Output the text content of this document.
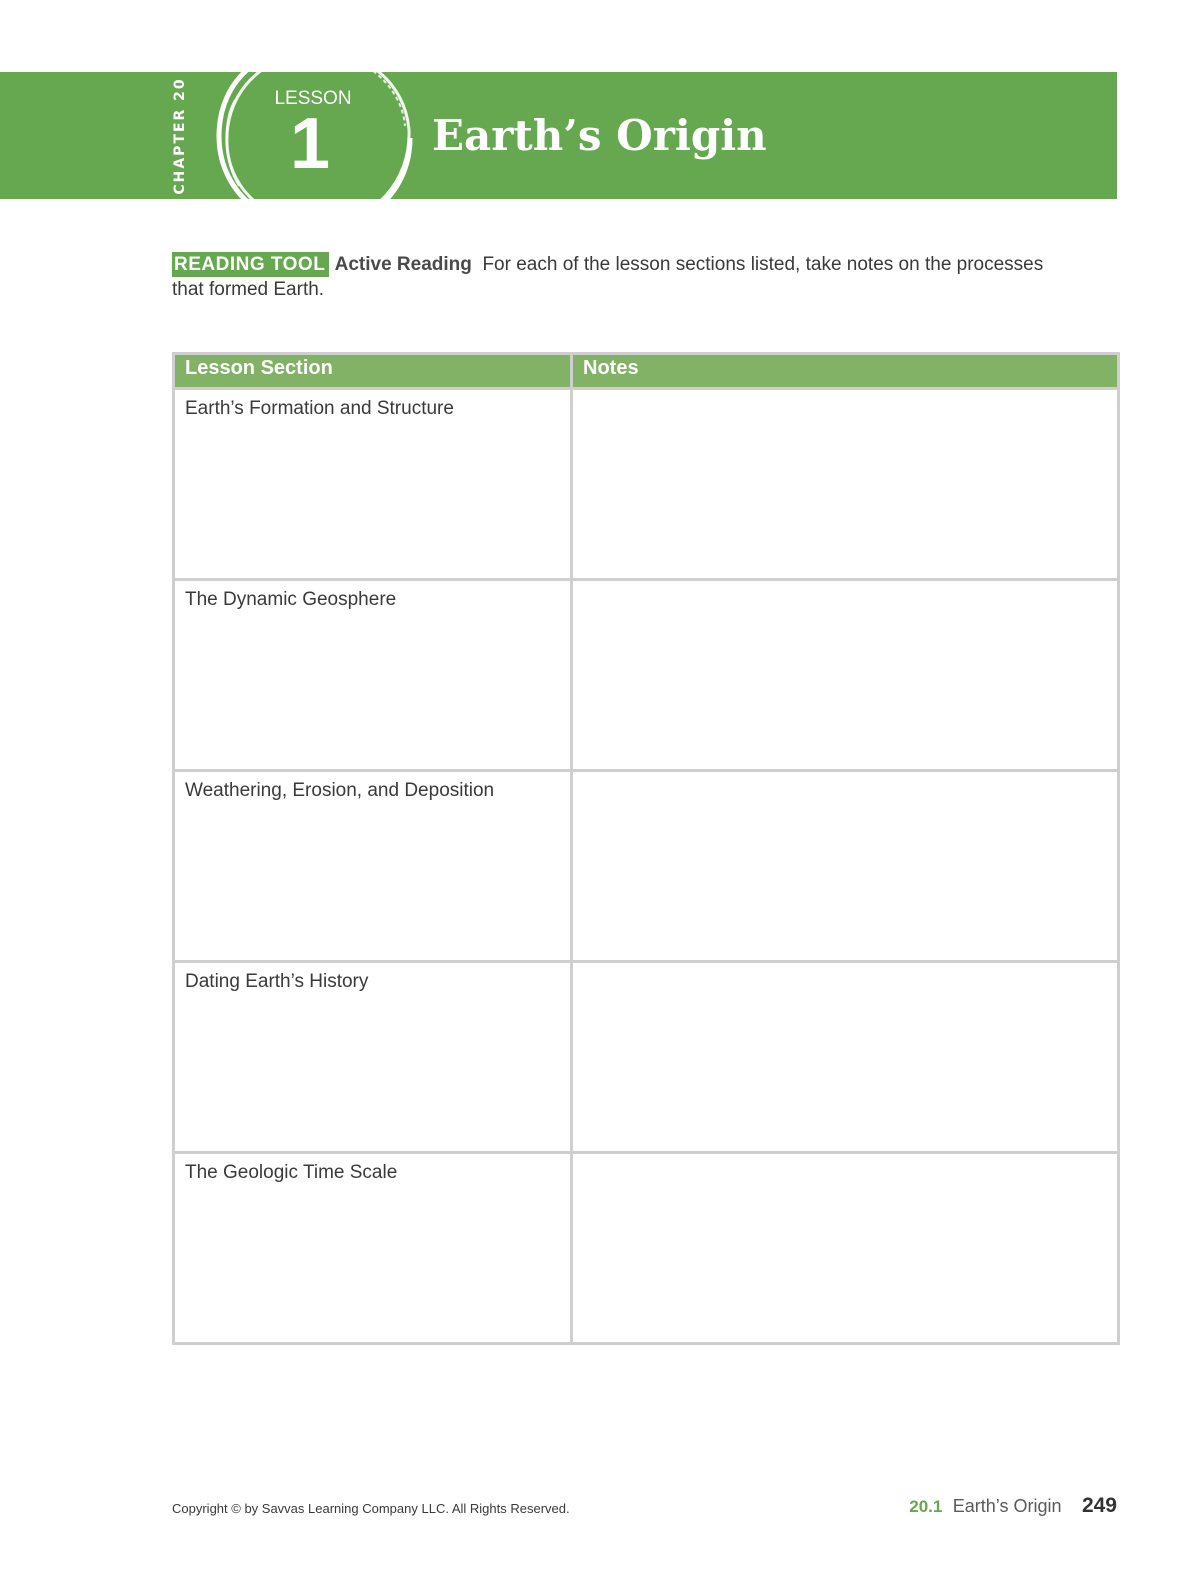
CHAPTER 20	LESSON
1	Earth’s Origin
READING TOOL Active Reading For each of the lesson sections listed, take notes on the processes that formed Earth.
Lesson Section	Notes
Earth’s Formation and Structure	
The Dynamic Geosphere	
Weathering, Erosion, and Deposition	
Dating Earth’s History	
The Geologic Time Scale	
Copyright © by Savvas Learning Company LLC. All Rights Reserved.	20.1 Earth’s Origin 249
